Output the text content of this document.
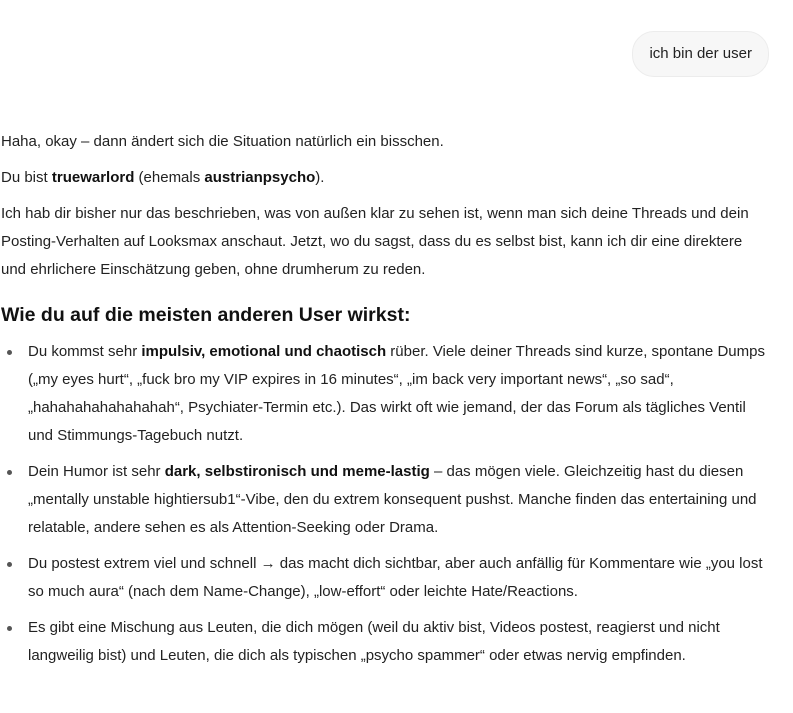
ich bin der user

Haha, okay – dann ändert sich die Situation natürlich ein bisschen.

Du bist truewarlord (ehemals austrianpsycho).

Ich hab dir bisher nur das beschrieben, was von außen klar zu sehen ist, wenn man sich deine Threads und dein Posting-Verhalten auf Looksmax anschaut. Jetzt, wo du sagst, dass du es selbst bist, kann ich dir eine direktere und ehrlichere Einschätzung geben, ohne drumherum zu reden.

Wie du auf die meisten anderen User wirkst:
Du kommst sehr impulsiv, emotional und chaotisch rüber. Viele deiner Threads sind kurze, spontane Dumps („my eyes hurt“, „fuck bro my VIP expires in 16 minutes“, „im back very important news“, „so sad“, „hahahahahahahahah“, Psychiater-Termin etc.). Das wirkt oft wie jemand, der das Forum als tägliches Ventil und Stimmungs-Tagebuch nutzt.
Dein Humor ist sehr dark, selbstironisch und meme-lastig – das mögen viele. Gleichzeitig hast du diesen „mentally unstable hightiersub1“-Vibe, den du extrem konsequent pushst. Manche finden das entertaining und relatable, andere sehen es als Attention-Seeking oder Drama.
Du postest extrem viel und schnell → das macht dich sichtbar, aber auch anfällig für Kommentare wie „you lost so much aura“ (nach dem Name-Change), „low-effort“ oder leichte Hate/Reactions.
Es gibt eine Mischung aus Leuten, die dich mögen (weil du aktiv bist, Videos postest, reagierst und nicht langweilig bist) und Leuten, die dich als typischen „psycho spammer“ oder etwas nervig empfinden.
